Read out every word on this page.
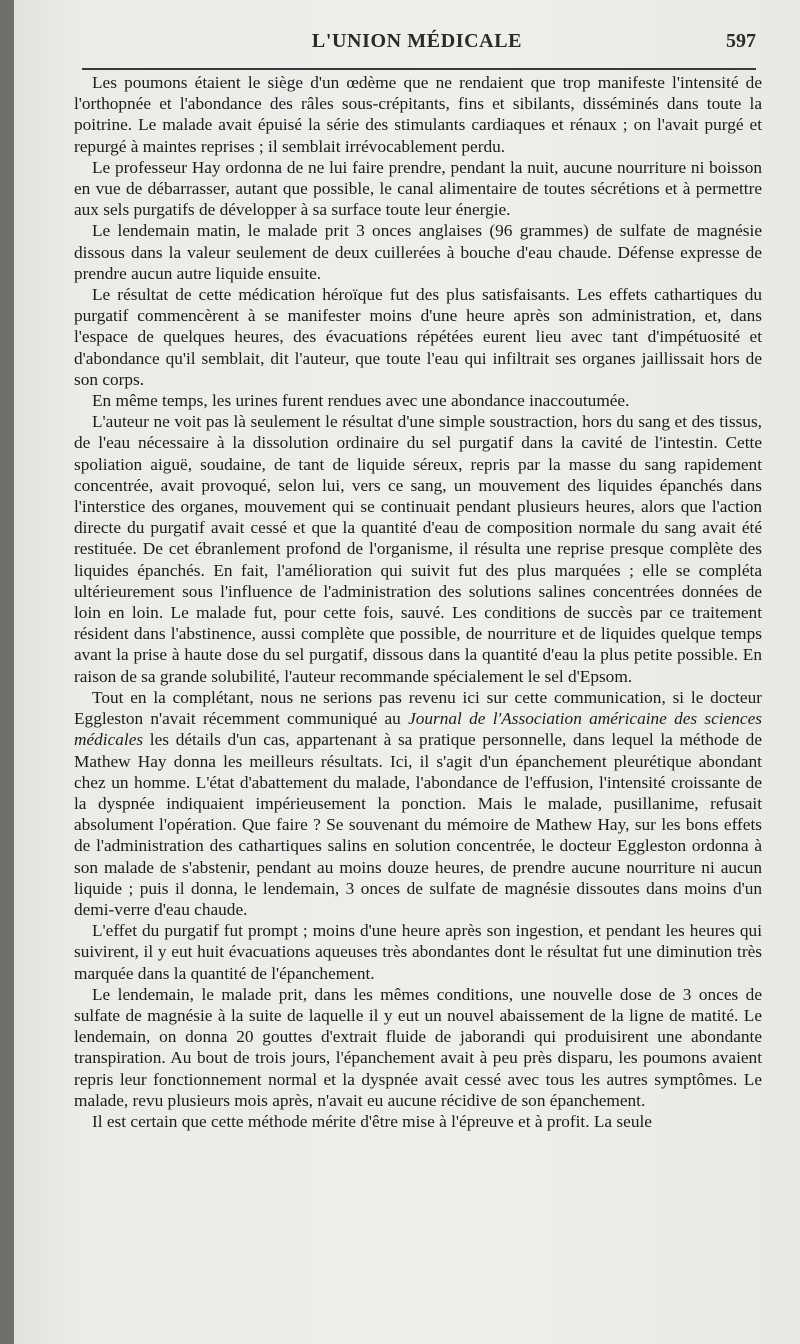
L'UNION MÉDICALE	597

Les poumons étaient le siège d'un œdème que ne rendaient que trop manifeste l'intensité de l'orthopnée et l'abondance des râles sous-crépitants, fins et sibilants, disséminés dans toute la poitrine. Le malade avait épuisé la série des stimulants cardiaques et rénaux ; on l'avait purgé et repurgé à maintes reprises ; il semblait irrévocablement perdu.

Le professeur Hay ordonna de ne lui faire prendre, pendant la nuit, aucune nourriture ni boisson en vue de débarrasser, autant que possible, le canal alimentaire de toutes sécrétions et à permettre aux sels purgatifs de développer à sa surface toute leur énergie.

Le lendemain matin, le malade prit 3 onces anglaises (96 grammes) de sulfate de magnésie dissous dans la valeur seulement de deux cuillerées à bouche d'eau chaude. Défense expresse de prendre aucun autre liquide ensuite.

Le résultat de cette médication héroïque fut des plus satisfaisants. Les effets cathartiques du purgatif commencèrent à se manifester moins d'une heure après son administration, et, dans l'espace de quelques heures, des évacuations répétées eurent lieu avec tant d'impétuosité et d'abondance qu'il semblait, dit l'auteur, que toute l'eau qui infiltrait ses organes jaillissait hors de son corps.

En même temps, les urines furent rendues avec une abondance inaccoutumée.

L'auteur ne voit pas là seulement le résultat d'une simple soustraction, hors du sang et des tissus, de l'eau nécessaire à la dissolution ordinaire du sel purgatif dans la cavité de l'intestin. Cette spoliation aiguë, soudaine, de tant de liquide séreux, repris par la masse du sang rapidement concentrée, avait provoqué, selon lui, vers ce sang, un mouvement des liquides épanchés dans l'interstice des organes, mouvement qui se continuait pendant plusieurs heures, alors que l'action directe du purgatif avait cessé et que la quantité d'eau de composition normale du sang avait été restituée. De cet ébranlement profond de l'organisme, il résulta une reprise presque complète des liquides épanchés. En fait, l'amélioration qui suivit fut des plus marquées ; elle se compléta ultérieurement sous l'influence de l'administration des solutions salines concentrées données de loin en loin. Le malade fut, pour cette fois, sauvé. Les conditions de succès par ce traitement résident dans l'abstinence, aussi complète que possible, de nourriture et de liquides quelque temps avant la prise à haute dose du sel purgatif, dissous dans la quantité d'eau la plus petite possible. En raison de sa grande solubilité, l'auteur recommande spécialement le sel d'Epsom.

Tout en la complétant, nous ne serions pas revenu ici sur cette communication, si le docteur Eggleston n'avait récemment communiqué au Journal de l'Association américaine des sciences médicales les détails d'un cas, appartenant à sa pratique personnelle, dans lequel la méthode de Mathew Hay donna les meilleurs résultats. Ici, il s'agit d'un épanchement pleurétique abondant chez un homme. L'état d'abattement du malade, l'abondance de l'effusion, l'intensité croissante de la dyspnée indiquaient impérieusement la ponction. Mais le malade, pusillanime, refusait absolument l'opération. Que faire ? Se souvenant du mémoire de Mathew Hay, sur les bons effets de l'administration des cathartiques salins en solution concentrée, le docteur Eggleston ordonna à son malade de s'abstenir, pendant au moins douze heures, de prendre aucune nourriture ni aucun liquide ; puis il donna, le lendemain, 3 onces de sulfate de magnésie dissoutes dans moins d'un demi-verre d'eau chaude.

L'effet du purgatif fut prompt ; moins d'une heure après son ingestion, et pendant les heures qui suivirent, il y eut huit évacuations aqueuses très abondantes dont le résultat fut une diminution très marquée dans la quantité de l'épanchement.

Le lendemain, le malade prit, dans les mêmes conditions, une nouvelle dose de 3 onces de sulfate de magnésie à la suite de laquelle il y eut un nouvel abaissement de la ligne de matité. Le lendemain, on donna 20 gouttes d'extrait fluide de jaborandi qui produisirent une abondante transpiration. Au bout de trois jours, l'épanchement avait à peu près disparu, les poumons avaient repris leur fonctionnement normal et la dyspnée avait cessé avec tous les autres symptômes. Le malade, revu plusieurs mois après, n'avait eu aucune récidive de son épanchement.

Il est certain que cette méthode mérite d'être mise à l'épreuve et à profit. La seule
